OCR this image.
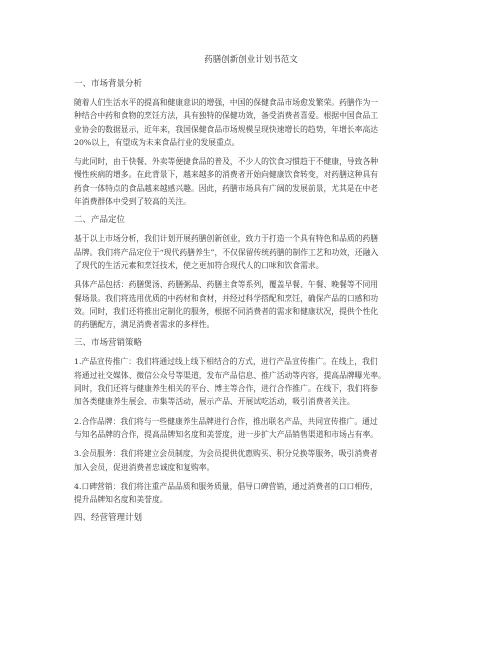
药膳创新创业计划书范文
一、市场背景分析
随着人们生活水平的提高和健康意识的增强，中国的保健食品市场愈发繁荣。药膳作为一
种结合中药和食物的烹饪方法，具有独特的保健功效，备受消费者喜爱。根据中国食品工
业协会的数据显示，近年来，我国保健食品市场规模呈现快速增长的趋势，年增长率高达
20%以上，有望成为未来食品行业的发展重点。
与此同时，由于快餐、外卖等便捷食品的普及，不少人的饮食习惯趋于不健康，导致各种
慢性疾病的增多。在此背景下，越来越多的消费者开始向健康饮食转变，对药膳这种具有
药食一体特点的食品越来越感兴趣。因此，药膳市场具有广阔的发展前景，尤其是在中老
年消费群体中受到了较高的关注。
二、产品定位
基于以上市场分析，我们计划开展药膳创新创业，致力于打造一个具有特色和品质的药膳
品牌。我们将产品定位于“现代药膳养生”，不仅保留传统药膳的制作工艺和功效，还融入
了现代的生活元素和烹饪技术，使之更加符合现代人的口味和饮食需求。
具体产品包括：药膳煲汤、药膳粥品、药膳主食等系列，覆盖早餐、午餐、晚餐等不同用
餐场景。我们将选用优质的中药材和食材，并经过科学搭配和烹饪，确保产品的口感和功
效。同时，我们还将推出定制化的服务，根据不同消费者的需求和健康状况，提供个性化
的药膳配方，满足消费者需求的多样性。
三、市场营销策略
1.产品宣传推广：我们将通过线上线下相结合的方式，进行产品宣传推广。在线上，我们
将通过社交媒体、微信公众号等渠道，发布产品信息、推广活动等内容，提高品牌曝光率。
同时，我们还将与健康养生相关的平台、博主等合作，进行合作推广。在线下，我们将参
加各类健康养生展会、市集等活动，展示产品、开展试吃活动，吸引消费者关注。
2.合作品牌：我们将与一些健康养生品牌进行合作，推出联名产品，共同宣传推广。通过
与知名品牌的合作，提高品牌知名度和美誉度，进一步扩大产品销售渠道和市场占有率。
3.会员服务：我们将建立会员制度，为会员提供优惠购买、积分兑换等服务，吸引消费者
加入会员，促进消费者忠诚度和复购率。
4.口碑营销：我们将注重产品品质和服务质量，倡导口碑营销，通过消费者的口口相传，
提升品牌知名度和美誉度。
四、经营管理计划
